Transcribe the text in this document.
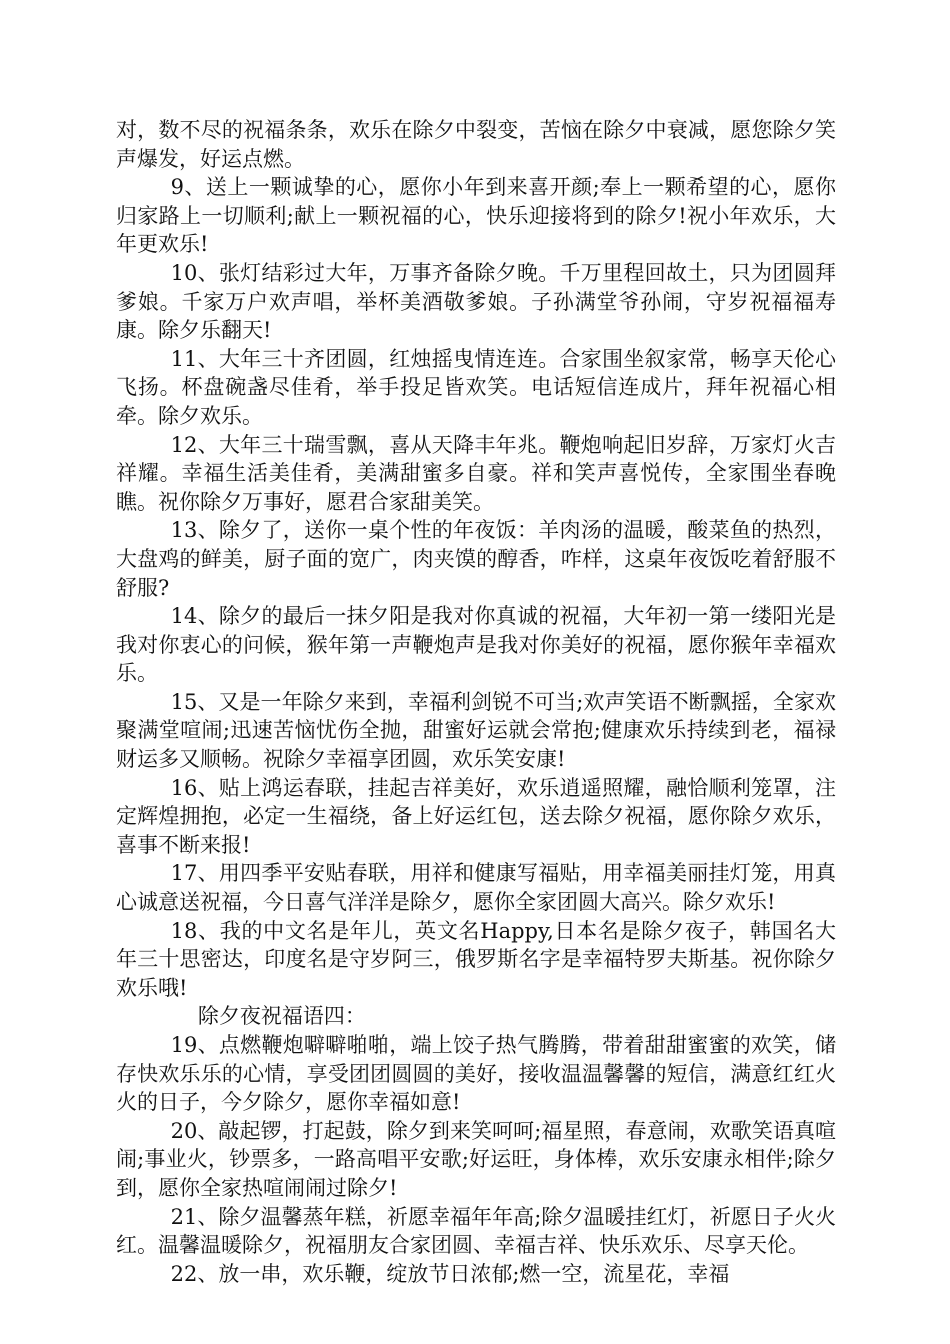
对，数不尽的祝福条条，欢乐在除夕中裂变，苦恼在除夕中衰减，愿您除夕笑声爆发，好运点燃。

9、送上一颗诚挚的心，愿你小年到来喜开颜;奉上一颗希望的心，愿你归家路上一切顺利;献上一颗祝福的心，快乐迎接将到的除夕!祝小年欢乐，大年更欢乐!

10、张灯结彩过大年，万事齐备除夕晚。千万里程回故土，只为团圆拜爹娘。千家万户欢声唱，举杯美酒敬爹娘。子孙满堂爷孙闹，守岁祝福福寿康。除夕乐翻天!

11、大年三十齐团圆，红烛摇曳情连连。合家围坐叙家常，畅享天伦心飞扬。杯盘碗盏尽佳肴，举手投足皆欢笑。电话短信连成片，拜年祝福心相牵。除夕欢乐。

12、大年三十瑞雪飘，喜从天降丰年兆。鞭炮响起旧岁辞，万家灯火吉祥耀。幸福生活美佳肴，美满甜蜜多自豪。祥和笑声喜悦传，全家围坐春晚瞧。祝你除夕万事好，愿君合家甜美笑。

13、除夕了，送你一桌个性的年夜饭：羊肉汤的温暖，酸菜鱼的热烈，大盘鸡的鲜美，厨子面的宽广，肉夹馍的醇香，咋样，这桌年夜饭吃着舒服不舒服?

14、除夕的最后一抹夕阳是我对你真诚的祝福，大年初一第一缕阳光是我对你衷心的问候，猴年第一声鞭炮声是我对你美好的祝福，愿你猴年幸福欢乐。

15、又是一年除夕来到，幸福利剑锐不可当;欢声笑语不断飘摇，全家欢聚满堂喧闹;迅速苦恼忧伤全抛，甜蜜好运就会常抱;健康欢乐持续到老，福禄财运多又顺畅。祝除夕幸福享团圆，欢乐笑安康!

16、贴上鸿运春联，挂起吉祥美好，欢乐逍遥照耀，融恰顺利笼罩，注定辉煌拥抱，必定一生福绕，备上好运红包，送去除夕祝福，愿你除夕欢乐，喜事不断来报!

17、用四季平安贴春联，用祥和健康写福贴，用幸福美丽挂灯笼，用真心诚意送祝福，今日喜气洋洋是除夕，愿你全家团圆大高兴。除夕欢乐!

18、我的中文名是年儿，英文名Happy,日本名是除夕夜子，韩国名大年三十思密达，印度名是守岁阿三，俄罗斯名字是幸福特罗夫斯基。祝你除夕欢乐哦!

除夕夜祝福语四：

19、点燃鞭炮噼噼啪啪，端上饺子热气腾腾，带着甜甜蜜蜜的欢笑，储存快欢乐乐的心情，享受团团圆圆的美好，接收温温馨馨的短信，满意红红火火的日子，今夕除夕，愿你幸福如意!

20、敲起锣，打起鼓，除夕到来笑呵呵;福星照，春意闹，欢歌笑语真喧闹;事业火，钞票多，一路高唱平安歌;好运旺，身体棒，欢乐安康永相伴;除夕到，愿你全家热喧闹闹过除夕!

21、除夕温馨蒸年糕，祈愿幸福年年高;除夕温暖挂红灯，祈愿日子火火红。温馨温暖除夕，祝福朋友合家团圆、幸福吉祥、快乐欢乐、尽享天伦。

22、放一串，欢乐鞭，绽放节日浓郁;燃一空，流星花，幸福
